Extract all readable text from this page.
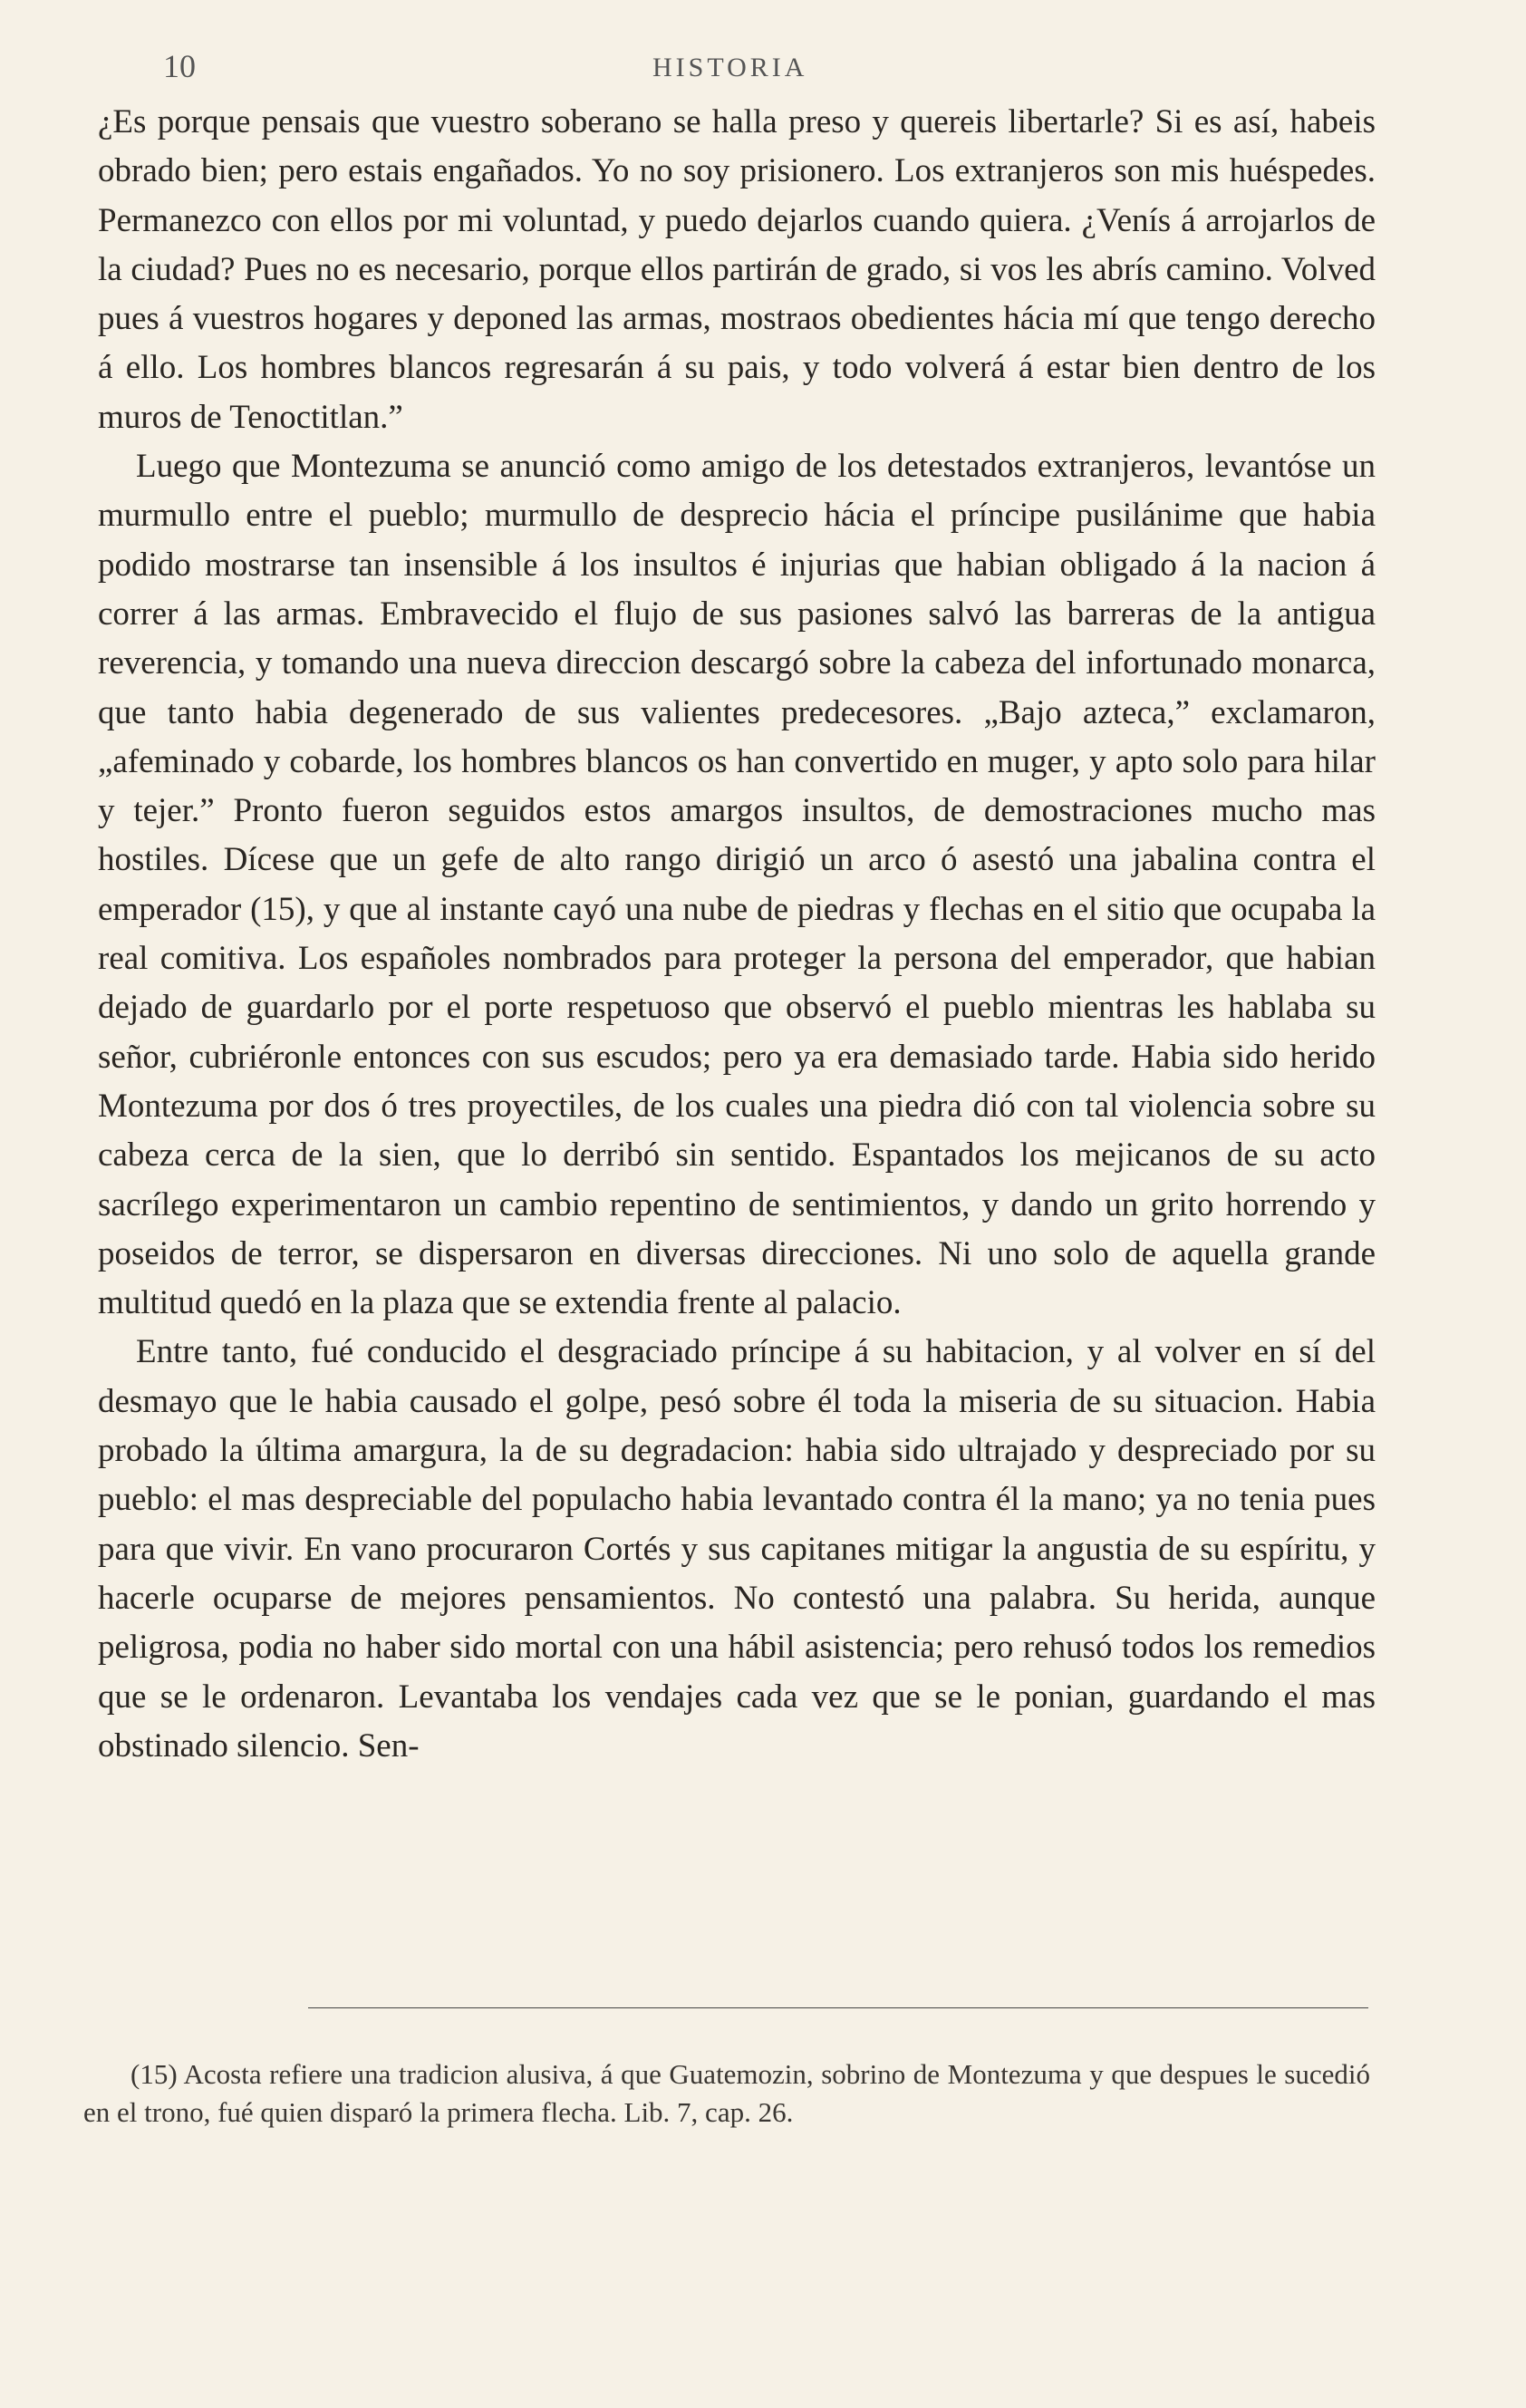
10	HISTORIA

¿Es porque pensais que vuestro soberano se halla preso y quereis libertarle? Si es así, habeis obrado bien; pero estais engañados. Yo no soy prisionero. Los extranjeros son mis huéspedes. Permanezco con ellos por mi voluntad, y puedo dejarlos cuando quiera. ¿Venís á arrojarlos de la ciudad? Pues no es necesario, porque ellos partirán de grado, si vos les abrís camino. Volved pues á vuestros hogares y deponed las armas, mostraos obedientes hácia mí que tengo derecho á ello. Los hombres blancos regresarán á su pais, y todo volverá á estar bien dentro de los muros de Tenoctitlan.”

Luego que Montezuma se anunció como amigo de los detestados extranjeros, levantóse un murmullo entre el pueblo; murmullo de desprecio hácia el príncipe pusilánime que habia podido mostrarse tan insensible á los insultos é injurias que habian obligado á la nacion á correr á las armas. Embravecido el flujo de sus pasiones salvó las barreras de la antigua reverencia, y tomando una nueva direccion descargó sobre la cabeza del infortunado monarca, que tanto habia degenerado de sus valientes predecesores. „Bajo azteca,” exclamaron, „afeminado y cobarde, los hombres blancos os han convertido en muger, y apto solo para hilar y tejer.” Pronto fueron seguidos estos amargos insultos, de demostraciones mucho mas hostiles. Dícese que un gefe de alto rango dirigió un arco ó asestó una jabalina contra el emperador (15), y que al instante cayó una nube de piedras y flechas en el sitio que ocupaba la real comitiva. Los españoles nombrados para proteger la persona del emperador, que habian dejado de guardarlo por el porte respetuoso que observó el pueblo mientras les hablaba su señor, cubriéronle entonces con sus escudos; pero ya era demasiado tarde. Habia sido herido Montezuma por dos ó tres proyectiles, de los cuales una piedra dió con tal violencia sobre su cabeza cerca de la sien, que lo derribó sin sentido. Espantados los mejicanos de su acto sacrílego experimentaron un cambio repentino de sentimientos, y dando un grito horrendo y poseidos de terror, se dispersaron en diversas direcciones. Ni uno solo de aquella grande multitud quedó en la plaza que se extendia frente al palacio.

Entre tanto, fué conducido el desgraciado príncipe á su habitacion, y al volver en sí del desmayo que le habia causado el golpe, pesó sobre él toda la miseria de su situacion. Habia probado la última amargura, la de su degradacion: habia sido ultrajado y despreciado por su pueblo: el mas despreciable del populacho habia levantado contra él la mano; ya no tenia pues para que vivir. En vano procuraron Cortés y sus capitanes mitigar la angustia de su espíritu, y hacerle ocuparse de mejores pensamientos. No contestó una palabra. Su herida, aunque peligrosa, podia no haber sido mortal con una hábil asistencia; pero rehusó todos los remedios que se le ordenaron. Levantaba los vendajes cada vez que se le ponian, guardando el mas obstinado silencio. Sen-

(15) Acosta refiere una tradicion alusiva, á que Guatemozin, sobrino de Montezuma y que despues le sucedió en el trono, fué quien disparó la primera flecha. Lib. 7, cap. 26.
